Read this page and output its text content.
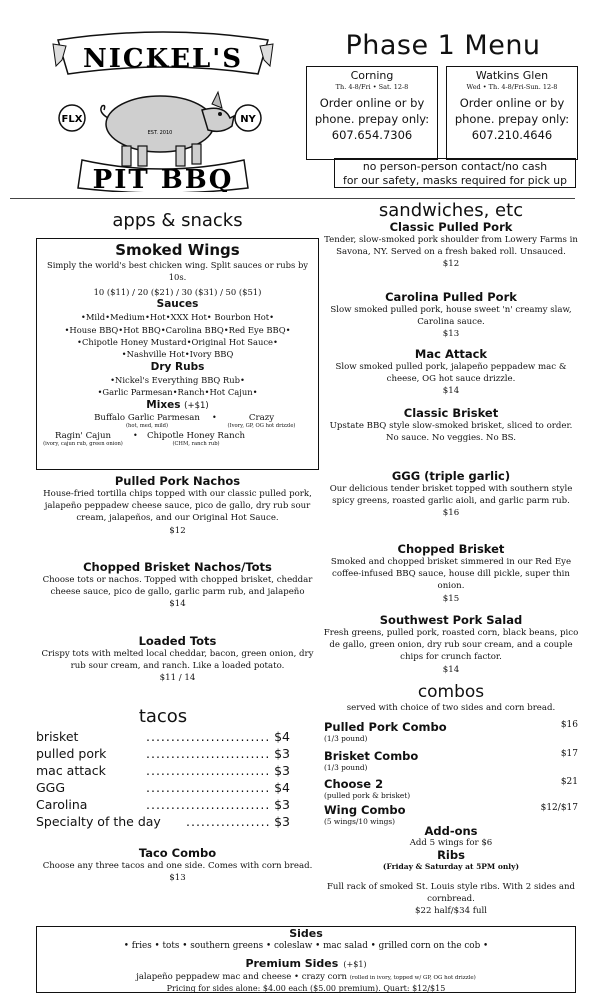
NICKEL'S
EST. 2010
FLX	NY
PIT BBQ
Phase 1 Menu
Corning
Th. 4-8/Fri • Sat. 12-8
Order online or by phone. prepay only:
607.654.7306
Watkins Glen
Wed • Th. 4-8/Fri-Sun. 12-8
Order online or by phone. prepay only:
607.210.4646
no person-person contact/no cash
for our safety, masks required for pick up
apps & snacks
Smoked Wings
Simply the world's best chicken wing. Split sauces or rubs by 10s.
10 ($11) / 20 ($21) / 30 ($31) / 50 ($51)
Sauces
•Mild•Medium•Hot•XXX Hot• Bourbon Hot•
•House BBQ•Hot BBQ•Carolina BBQ•Red Eye BBQ•
•Chipotle Honey Mustard•Original Hot Sauce•
•Nashville Hot•Ivory BBQ
Dry Rubs
•Nickel's Everything BBQ Rub•
•Garlic Parmesan•Ranch•Hot Cajun•
Mixes (+$1)
Buffalo Garlic Parmesan
(hot, med, mild)
•	Crazy
(Ivory, GP, OG hot drizzle)
Ragin' Cajun
(ivory, cajun rub, green onion)
•	Chipotle Honey Ranch
(CHM, ranch rub)
Pulled Pork Nachos
House-fried tortilla chips topped with our classic pulled pork, jalapeño peppadew cheese sauce, pico de gallo, dry rub sour cream, jalapeños, and our Original Hot Sauce.
$12
Chopped Brisket Nachos/Tots
Choose tots or nachos. Topped with chopped brisket, cheddar cheese sauce, pico de gallo, garlic parm rub, and jalapeño
$14
Loaded Tots
Crispy tots with melted local cheddar, bacon, green onion, dry rub sour cream, and ranch. Like a loaded potato.
$11 / 14
tacos
brisket	......................... $4
pulled pork	......................... $3
mac attack	......................... $3
GGG	......................... $4
Carolina	......................... $3
Specialty of the day ................. $3
Taco Combo
Choose any three tacos and one side. Comes with corn bread.
$13
sandwiches, etc
Classic Pulled Pork
Tender, slow-smoked pork shoulder from Lowery Farms in Savona, NY. Served on a fresh baked roll. Unsauced.
$12
Carolina Pulled Pork
Slow smoked pulled pork, house sweet 'n' creamy slaw, Carolina sauce.
$13
Mac Attack
Slow smoked pulled pork, jalapeño peppadew mac & cheese, OG hot sauce drizzle.
$14
Classic Brisket
Upstate BBQ style slow-smoked brisket, sliced to order. No sauce. No veggies. No BS.
GGG (triple garlic)
Our delicious tender brisket topped with southern style spicy greens, roasted garlic aioli, and garlic parm rub.
$16
Chopped Brisket
Smoked and chopped brisket simmered in our Red Eye coffee-infused BBQ sauce, house dill pickle, super thin onion.
$15
Southwest Pork Salad
Fresh greens, pulled pork, roasted corn, black beans, pico de gallo, green onion, dry rub sour cream, and a couple chips for crunch factor.
$14
combos
served with choice of two sides and corn bread.
Pulled Pork Combo
(1/3 pound)
$16
Brisket Combo
(1/3 pound)
$17
Choose 2
(pulled pork & brisket)
$21
Wing Combo
(5 wings/10 wings)
$12/$17
Add-ons
Add 5 wings for $6
Ribs
(Friday & Saturday at 5PM only)
Full rack of smoked St. Louis style ribs. With 2 sides and cornbread.
$22 half/$34 full
Sides
• fries • tots • southern greens • coleslaw • mac salad • grilled corn on the cob •
Premium Sides (+$1)
jalapeño peppadew mac and cheese • crazy corn (rolled in ivory, topped w/ GP, OG hot drizzle)
Pricing for sides alone: $4.00 each ($5.00 premium). Quart: $12/$15
